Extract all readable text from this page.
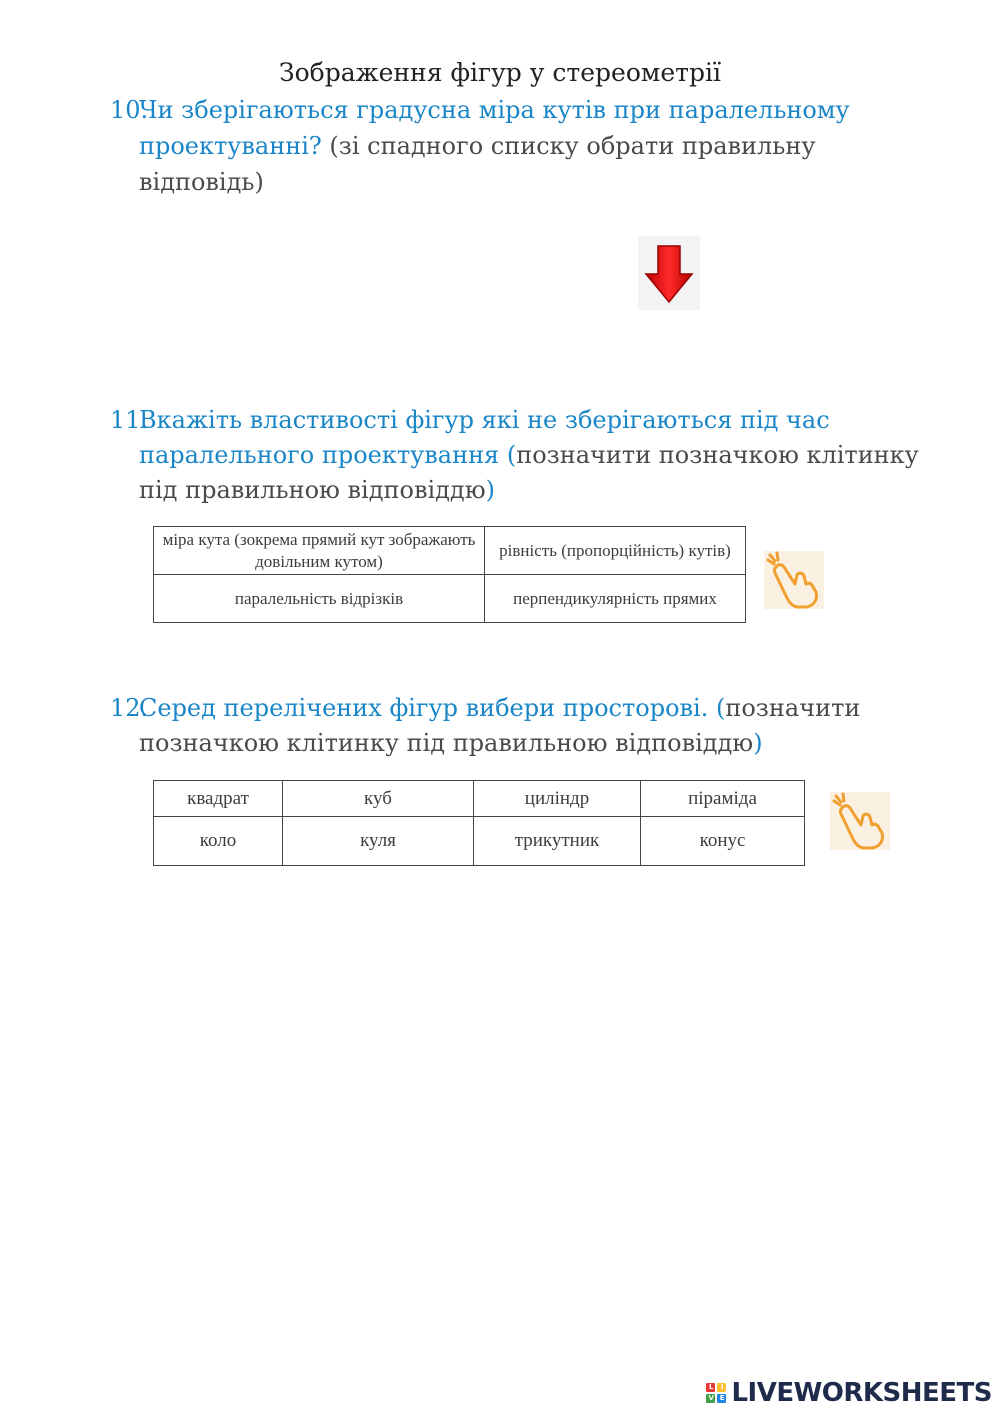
Зображення фігур у стереометрії
10.
Чи зберігаються градусна міра кутів при паралельному проектуванні? (зі спадного списку обрати правильну відповідь)
11.
Вкажіть властивості фігур які не зберігаються під час паралельного проектування (позначити позначкою клітинку під правильною відповіддю)
міра кута (зокрема прямий кут зображають довільним кутом)	рівність (пропорційність) кутів)
паралельність відрізків	перпендикулярність прямих
12.
Серед перелічених фігур вибери просторові. (позначити позначкою клітинку під правильною відповіддю)
квадрат	куб	циліндр	піраміда
коло	куля	трикутник	конус
L	I
V E LIVEWORKSHEETS
